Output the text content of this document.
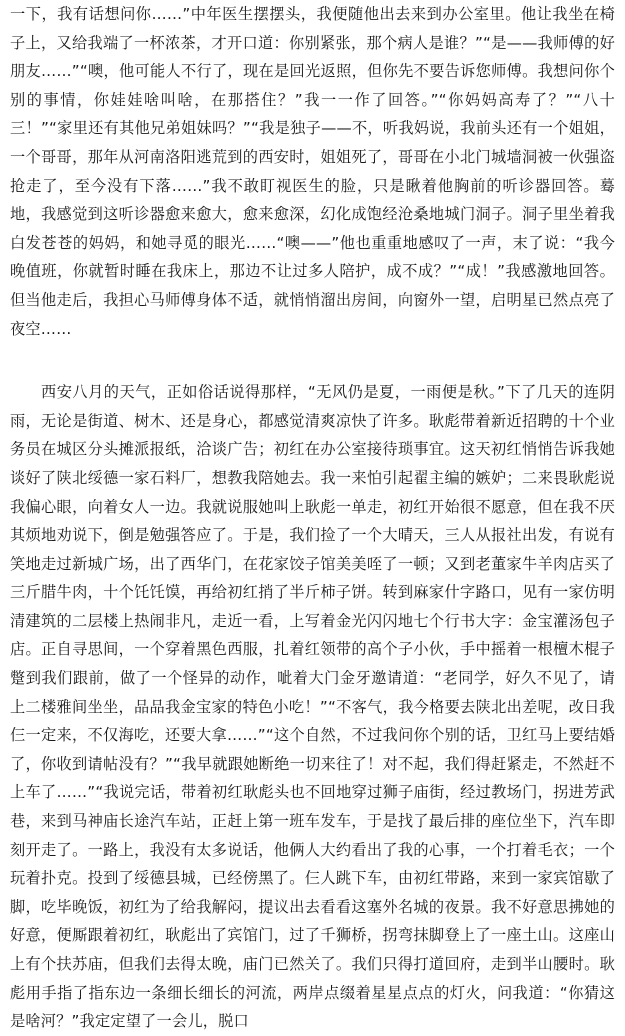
一下，我有话想问你……”中年医生摆摆头，我便随他出去来到办公室里。他让我坐在椅子上，又给我端了一杯浓茶，才开口道：你别紧张，那个病人是谁？”“是——我师傅的好朋友……”“噢，他可能人不行了，现在是回光返照，但你先不要告诉您师傅。我想问你个别的事情，你娃娃啥叫啥，在那搭住？”我一一作了回答。”“你妈妈高寿了？”“八十三！”“家里还有其他兄弟姐妹吗？”“我是独子——不，听我妈说，我前头还有一个姐姐，一个哥哥，那年从河南洛阳逃荒到的西安时，姐姐死了，哥哥在小北门城墙洞被一伙强盗抢走了，至今没有下落……”我不敢盯视医生的脸，只是瞅着他胸前的听诊器回答。蓦地，我感觉到这听诊器愈来愈大，愈来愈深，幻化成饱经沧桑地城门洞子。洞子里坐着我白发苍苍的妈妈，和她寻觅的眼光……“噢——”他也重重地感叹了一声，末了说：“我今晚值班，你就暂时睡在我床上，那边不让过多人陪护，成不成？”“成！”我感激地回答。但当他走后，我担心马师傅身体不适，就悄悄溜出房间，向窗外一望，启明星已然点亮了夜空……

西安八月的天气，正如俗话说得那样，“无风仍是夏，一雨便是秋。”下了几天的连阴雨，无论是街道、树木、还是身心，都感觉清爽凉快了许多。耿彪带着新近招聘的十个业务员在城区分头摊派报纸，洽谈广告；初红在办公室接待琐事宜。这天初红悄悄告诉我她谈好了陕北绥德一家石料厂，想教我陪她去。我一来怕引起翟主编的嫉妒；二来畏耿彪说我偏心眼，向着女人一边。我就说服她叫上耿彪一单走，初红开始很不愿意，但在我不厌其烦地劝说下，倒是勉强答应了。于是，我们捡了一个大晴天，三人从报社出发，有说有笑地走过新城广场，出了西华门，在花家饺子馆美美咥了一顿；又到老董家牛羊肉店买了三斤腊牛肉，十个饦饦馍，再给初红捎了半斤柿子饼。转到麻家什字路口，见有一家仿明清建筑的二层楼上热闹非凡，走近一看，上写着金光闪闪地七个行书大字：金宝灌汤包子店。正自寻思间，一个穿着黑色西服，扎着红领带的高个子小伙，手中摇着一根檀木棍子蹩到我们跟前，做了一个怪异的动作，呲着大门金牙邀请道：“老同学，好久不见了，请上二楼雅间坐坐，品品我金宝家的特色小吃！”“不客气，我今格要去陕北出差呢，改日我仨一定来，不仅海吃，还要大拿……”“这个自然，不过我问你个别的话，卫红马上要结婚了，你收到请帖没有？”“我早就跟她断绝一切来往了！对不起，我们得赶紧走，不然赶不上车了……”“我说完话，带着初红耿彪头也不回地穿过狮子庙街，经过教场门，拐进芳武巷，来到马神庙长途汽车站，正赶上第一班车发车，于是找了最后排的座位坐下，汽车即刻开走了。一路上，我没有太多说话，他俩人大约看出了我的心事，一个打着毛衣；一个玩着扑克。投到了绥德县城，已经傍黑了。仨人跳下车，由初红带路，来到一家宾馆歇了脚，吃毕晚饭，初红为了给我解闷，提议出去看看这塞外名城的夜景。我不好意思拂她的好意，便厮跟着初红，耿彪出了宾馆门，过了千狮桥，拐弯抹脚登上了一座土山。这座山上有个扶苏庙，但我们去得太晚，庙门已然关了。我们只得打道回府，走到半山腰时。耿彪用手指了指东边一条细长细长的河流，两岸点缀着星星点点的灯火，问我道：“你猜这是啥河？”我定定望了一会儿，脱口
